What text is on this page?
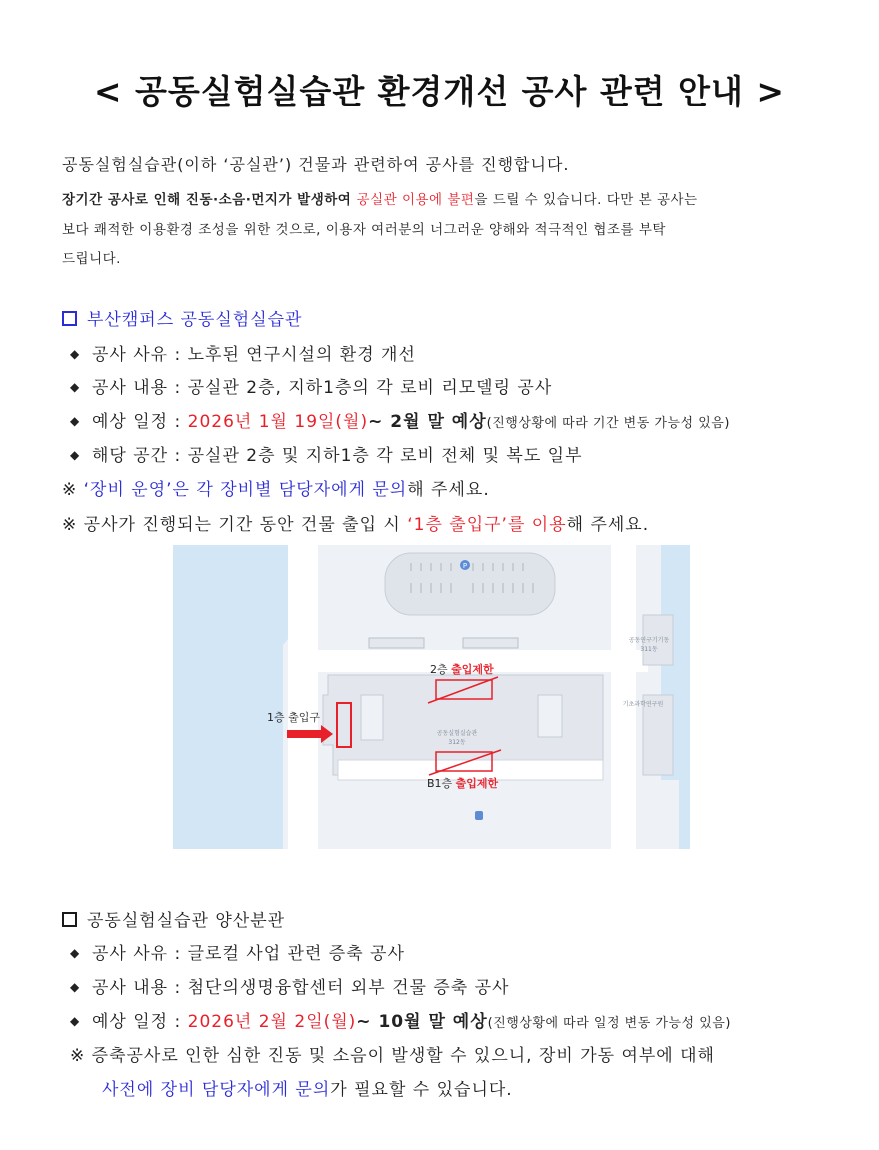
< 공동실험실습관 환경개선 공사 관련 안내 >
공동실험실습관(이하 ‘공실관’) 건물과 관련하여 공사를 진행합니다.
장기간 공사로 인해 진동·소음·먼지가 발생하여 공실관 이용에 불편을 드릴 수 있습니다. 다만 본 공사는
보다 쾌적한 이용환경 조성을 위한 것으로, 이용자 여러분의 너그러운 양해와 적극적인 협조를 부탁
드립니다.
부산캠퍼스 공동실험실습관
◆ 공사 사유 : 노후된 연구시설의 환경 개선
◆ 공사 내용 : 공실관 2층, 지하1층의 각 로비 리모델링 공사
◆ 예상 일정 : 2026년 1월 19일(월)~ 2월 말 예상(진행상황에 따라 기간 변동 가능성 있음)
◆ 해당 공간 : 공실관 2층 및 지하1층 각 로비 전체 및 복도 일부
※ ‘장비 운영’은 각 장비별 담당자에게 문의해 주세요.
※ 공사가 진행되는 기간 동안 건물 출입 시 ‘1층 출입구’를 이용해 주세요.
P
공동실험실습관
312동
공동연구기기동
311동
기초과학연구원
2층 출입제한
B1층 출입제한
1층 출입구
공동실험실습관 양산분관
◆ 공사 사유 : 글로컬 사업 관련 증축 공사
◆ 공사 내용 : 첨단의생명융합센터 외부 건물 증축 공사
◆ 예상 일정 : 2026년 2월 2일(월)~ 10월 말 예상(진행상황에 따라 일정 변동 가능성 있음)
※ 증축공사로 인한 심한 진동 및 소음이 발생할 수 있으니, 장비 가동 여부에 대해
사전에 장비 담당자에게 문의가 필요할 수 있습니다.
